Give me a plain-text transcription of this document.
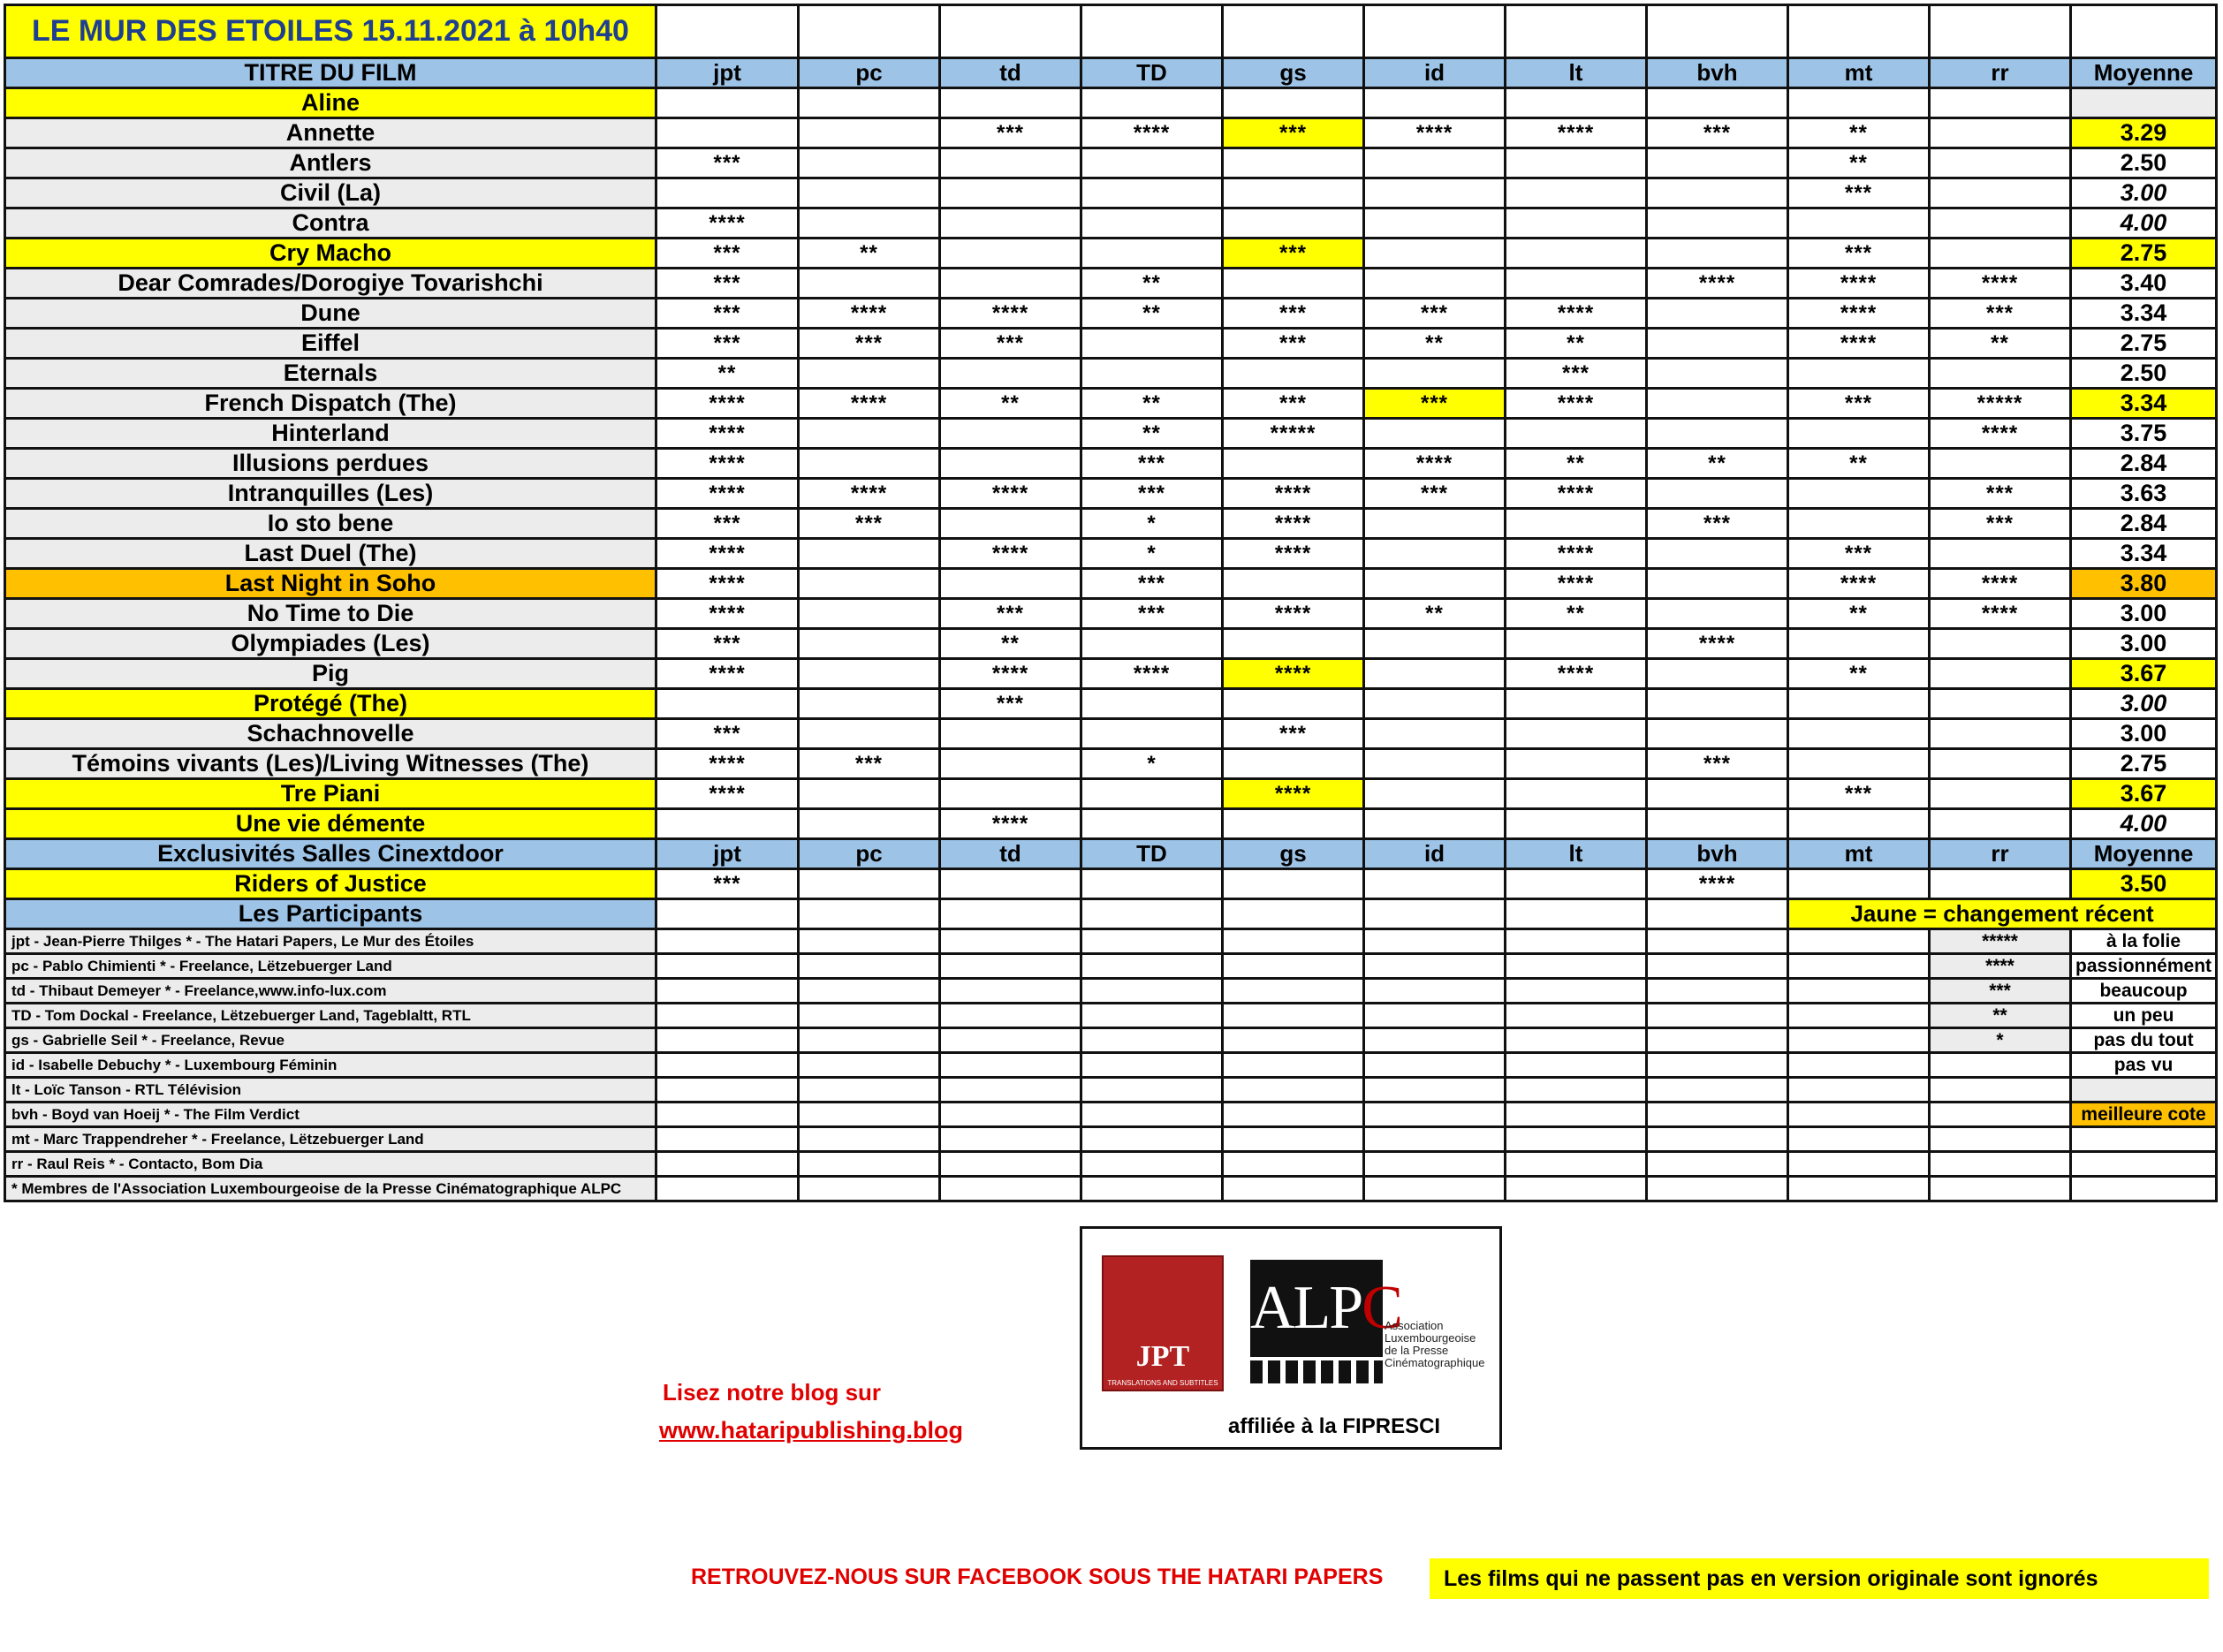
LE MUR DES ETOILES 15.11.2021 à 10h40											
TITRE DU FILM	jpt	pc	td	TD	gs	id	lt	bvh	mt	rr	Moyenne
Aline											
Annette			***	****	***	****	****	***	**		3.29
Antlers	***								**		2.50
Civil (La)									***		3.00
Contra	****										4.00
Cry Macho	***	**			***				***		2.75
Dear Comrades/Dorogiye Tovarishchi	***			**				****	****	****	3.40
Dune	***	****	****	**	***	***	****		****	***	3.34
Eiffel	***	***	***		***	**	**		****	**	2.75
Eternals	**						***				2.50
French Dispatch (The)	****	****	**	**	***	***	****		***	*****	3.34
Hinterland	****			**	*****					****	3.75
Illusions perdues	****			***		****	**	**	**		2.84
Intranquilles (Les)	****	****	****	***	****	***	****			***	3.63
Io sto bene	***	***		*	****			***		***	2.84
Last Duel (The)	****		****	*	****		****		***		3.34
Last Night in Soho	****			***			****		****	****	3.80
No Time to Die	****		***	***	****	**	**		**	****	3.00
Olympiades (Les)	***		**					****			3.00
Pig	****		****	****	****		****		**		3.67
Protégé (The)			***								3.00
Schachnovelle	***				***						3.00
Témoins vivants (Les)/Living Witnesses (The)	****	***		*				***			2.75
Tre Piani	****				****				***		3.67
Une vie démente			****								4.00
Exclusivités Salles Cinextdoor	jpt	pc	td	TD	gs	id	lt	bvh	mt	rr	Moyenne
Riders of Justice	***							****			3.50
Les Participants									Jaune = changement récent		
jpt - Jean-Pierre Thilges * - The Hatari Papers, Le Mur des Étoiles										*****	à la folie
pc - Pablo Chimienti * - Freelance, Lëtzebuerger Land										****	passionnément
td - Thibaut Demeyer * - Freelance,www.info-lux.com										***	beaucoup
TD - Tom Dockal - Freelance, Lëtzebuerger Land, Tageblaltt, RTL										**	un peu
gs - Gabrielle Seil * - Freelance, Revue										*	pas du tout
id - Isabelle Debuchy * - Luxembourg Féminin											pas vu
lt - Loïc Tanson - RTL Télévision											
bvh - Boyd van Hoeij * - The Film Verdict											meilleure cote
mt - Marc Trappendreher * - Freelance, Lëtzebuerger Land											
rr - Raul Reis * - Contacto, Bom Dia											
* Membres de l'Association Luxembourgeoise de la Presse Cinématographique ALPC											
JPT
TRANSLATIONS AND SUBTITLES
ALPC
Association
Luxembourgeoise
de la Presse
Cinématographique
affiliée à la FIPRESCI
Lisez notre blog sur
www.hataripublishing.blog
RETROUVEZ-NOUS SUR FACEBOOK SOUS THE HATARI PAPERS	Les films qui ne passent pas en version originale sont ignorés
